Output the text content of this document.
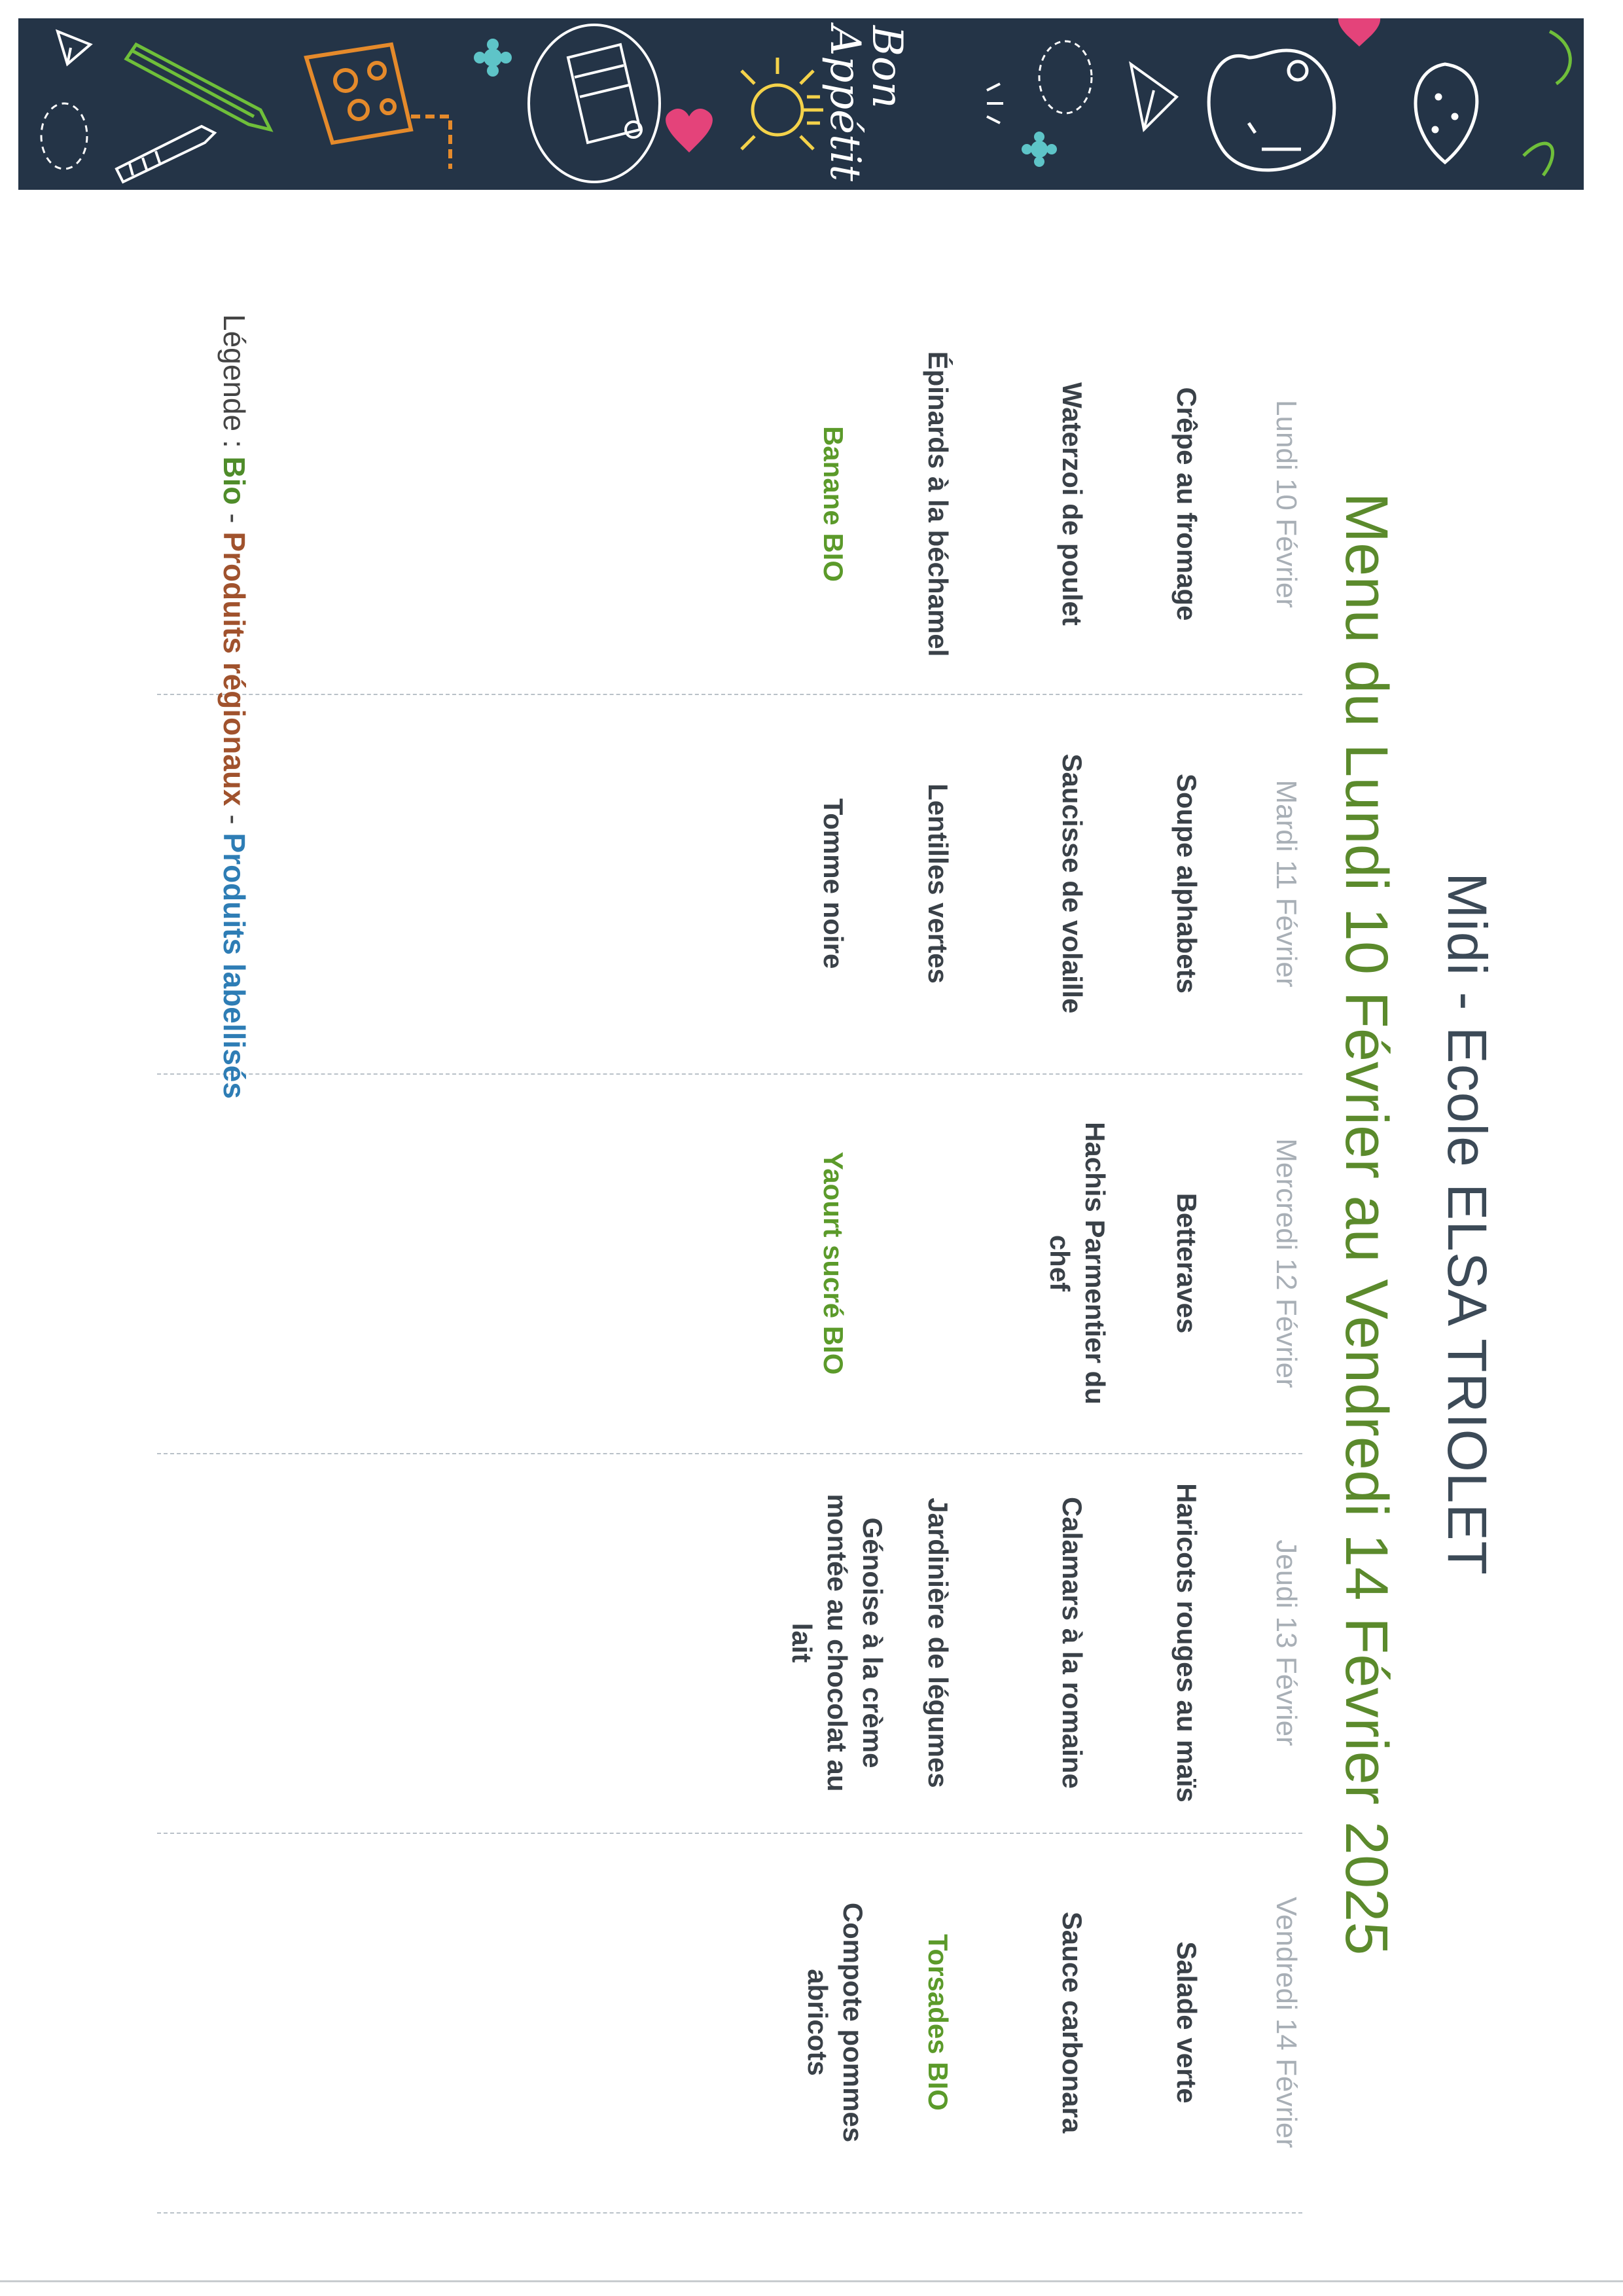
Bon
Appétit
Midi - Ecole ELSA TRIOLET
Menu du Lundi 10 Février au Vendredi 14 Février 2025
Lundi 10 Février
Crêpe au fromage
Waterzoi de poulet
Épinards à la béchamel
Banane BIO
Mardi 11 Février
Soupe alphabets
Saucisse de volaille
Lentilles vertes
Tomme noire
Mercredi 12 Février
Betteraves
Hachis Parmentier du chef
Yaourt sucré BIO
Jeudi 13 Février
Haricots rouges au maïs
Calamars à la romaine
Jardinière de légumes
Génoise à la crème montée au chocolat au lait
Vendredi 14 Février
Salade verte
Sauce carbonara
Torsades BIO
Compote pommes abricots
Légende : Bio - Produits régionaux - Produits labellisés
